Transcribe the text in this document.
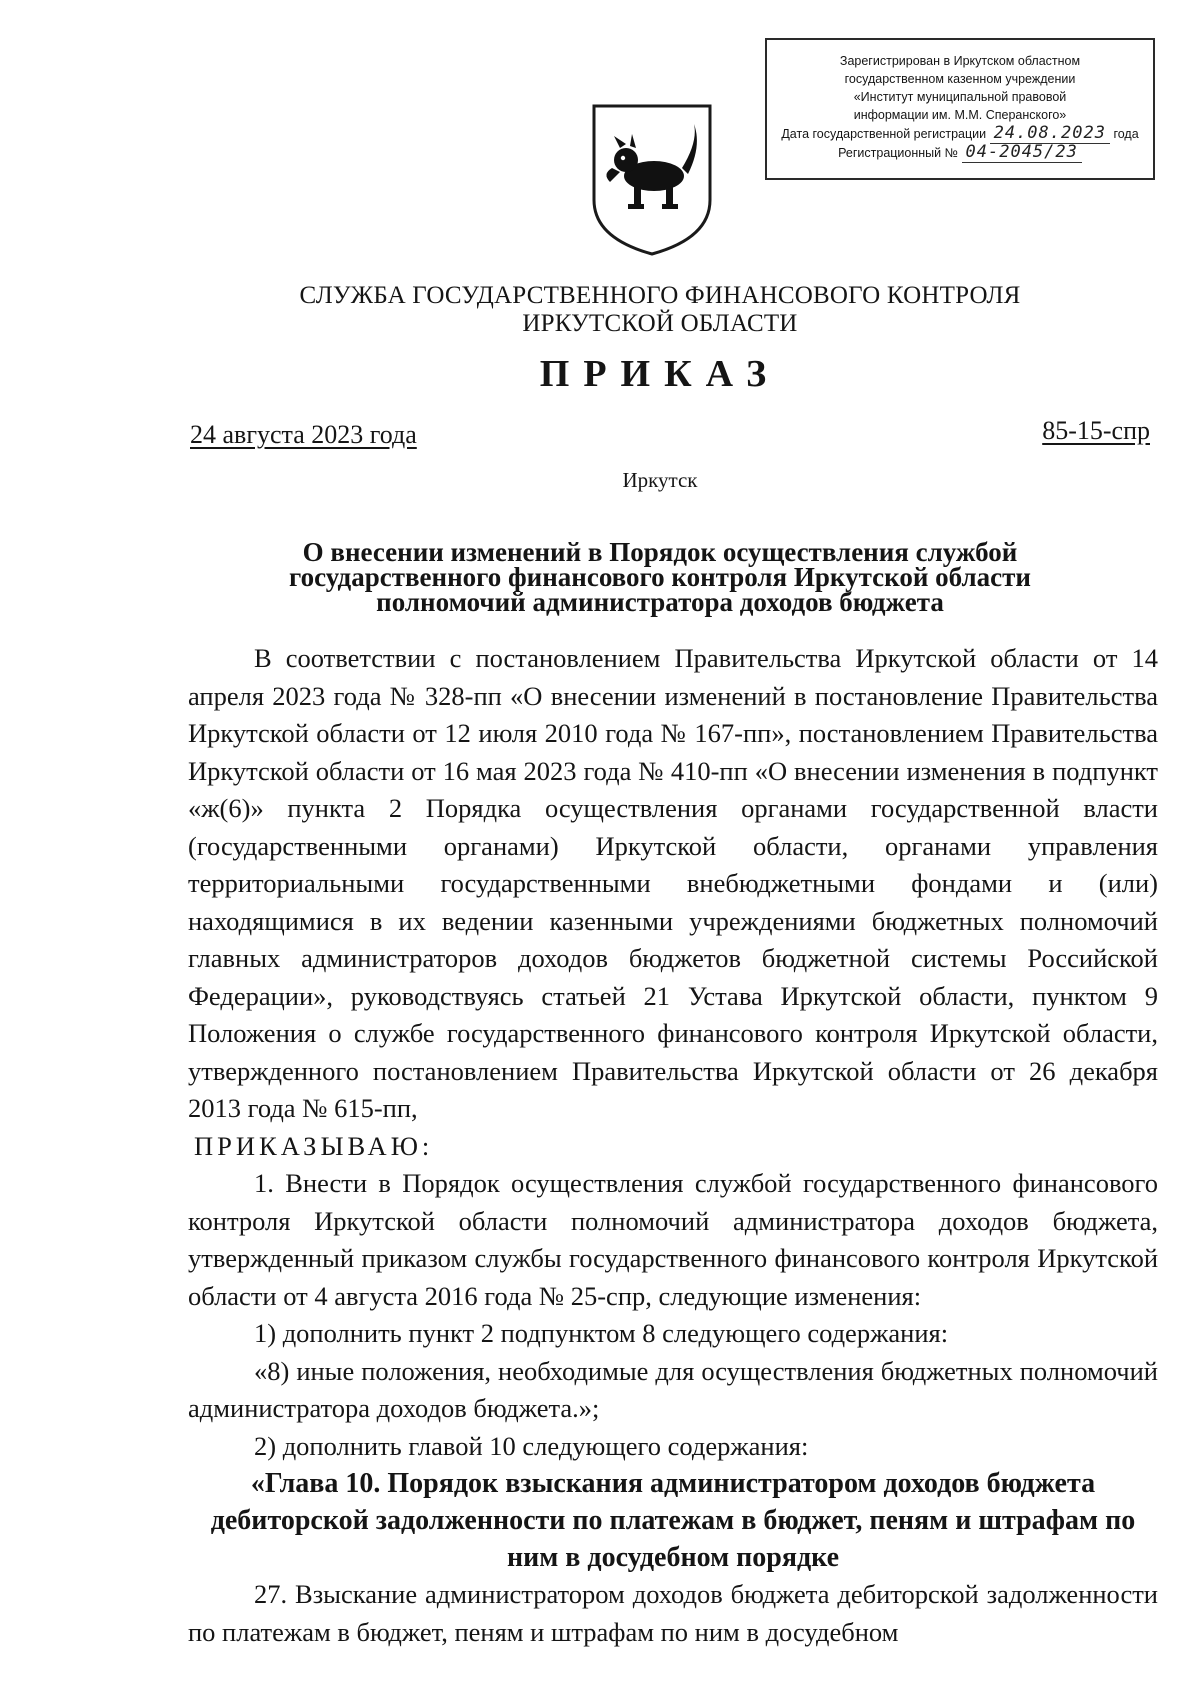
Зарегистрирован в Иркутском областном
государственном казенном учреждении
«Институт муниципальной правовой
информации им. М.М. Сперанского»
Дата государственной регистрации 24.08.2023 года
Регистрационный № 04-2045/23
СЛУЖБА ГОСУДАРСТВЕННОГО ФИНАНСОВОГО КОНТРОЛЯ
ИРКУТСКОЙ ОБЛАСТИ
ПРИКАЗ
24 августа 2023 года	85-15-спр
Иркутск
О внесении изменений в Порядок осуществления службой
государственного финансового контроля Иркутской области
полномочий администратора доходов бюджета

В соответствии с постановлением Правительства Иркутской области от 14 апреля 2023 года № 328-пп «О внесении изменений в постановление Правительства Иркутской области от 12 июля 2010 года № 167-пп», постановлением Правительства Иркутской области от 16 мая 2023 года № 410-пп «О внесении изменения в подпункт «ж(6)» пункта 2 Порядка осуществления органами государственной власти (государственными органами) Иркутской области, органами управления территориальными государственными внебюджетными фондами и (или) находящимися в их ведении казенными учреждениями бюджетных полномочий главных администраторов доходов бюджетов бюджетной системы Российской Федерации», руководствуясь статьей 21 Устава Иркутской области, пунктом 9 Положения о службе государственного финансового контроля Иркутской области, утвержденного постановлением Правительства Иркутской области от 26 декабря 2013 года № 615-пп,

ПРИКАЗЫВАЮ:

1. Внести в Порядок осуществления службой государственного финансового контроля Иркутской области полномочий администратора доходов бюджета, утвержденный приказом службы государственного финансового контроля Иркутской области от 4 августа 2016 года № 25-спр, следующие изменения:

1) дополнить пункт 2 подпунктом 8 следующего содержания:

«8) иные положения, необходимые для осуществления бюджетных полномочий администратора доходов бюджета.»;

2) дополнить главой 10 следующего содержания:

«Глава 10. Порядок взыскания администратором доходов бюджета дебиторской задолженности по платежам в бюджет, пеням и штрафам по ним в досудебном порядке

27. Взыскание администратором доходов бюджета дебиторской задолженности по платежам в бюджет, пеням и штрафам по ним в досудебном
